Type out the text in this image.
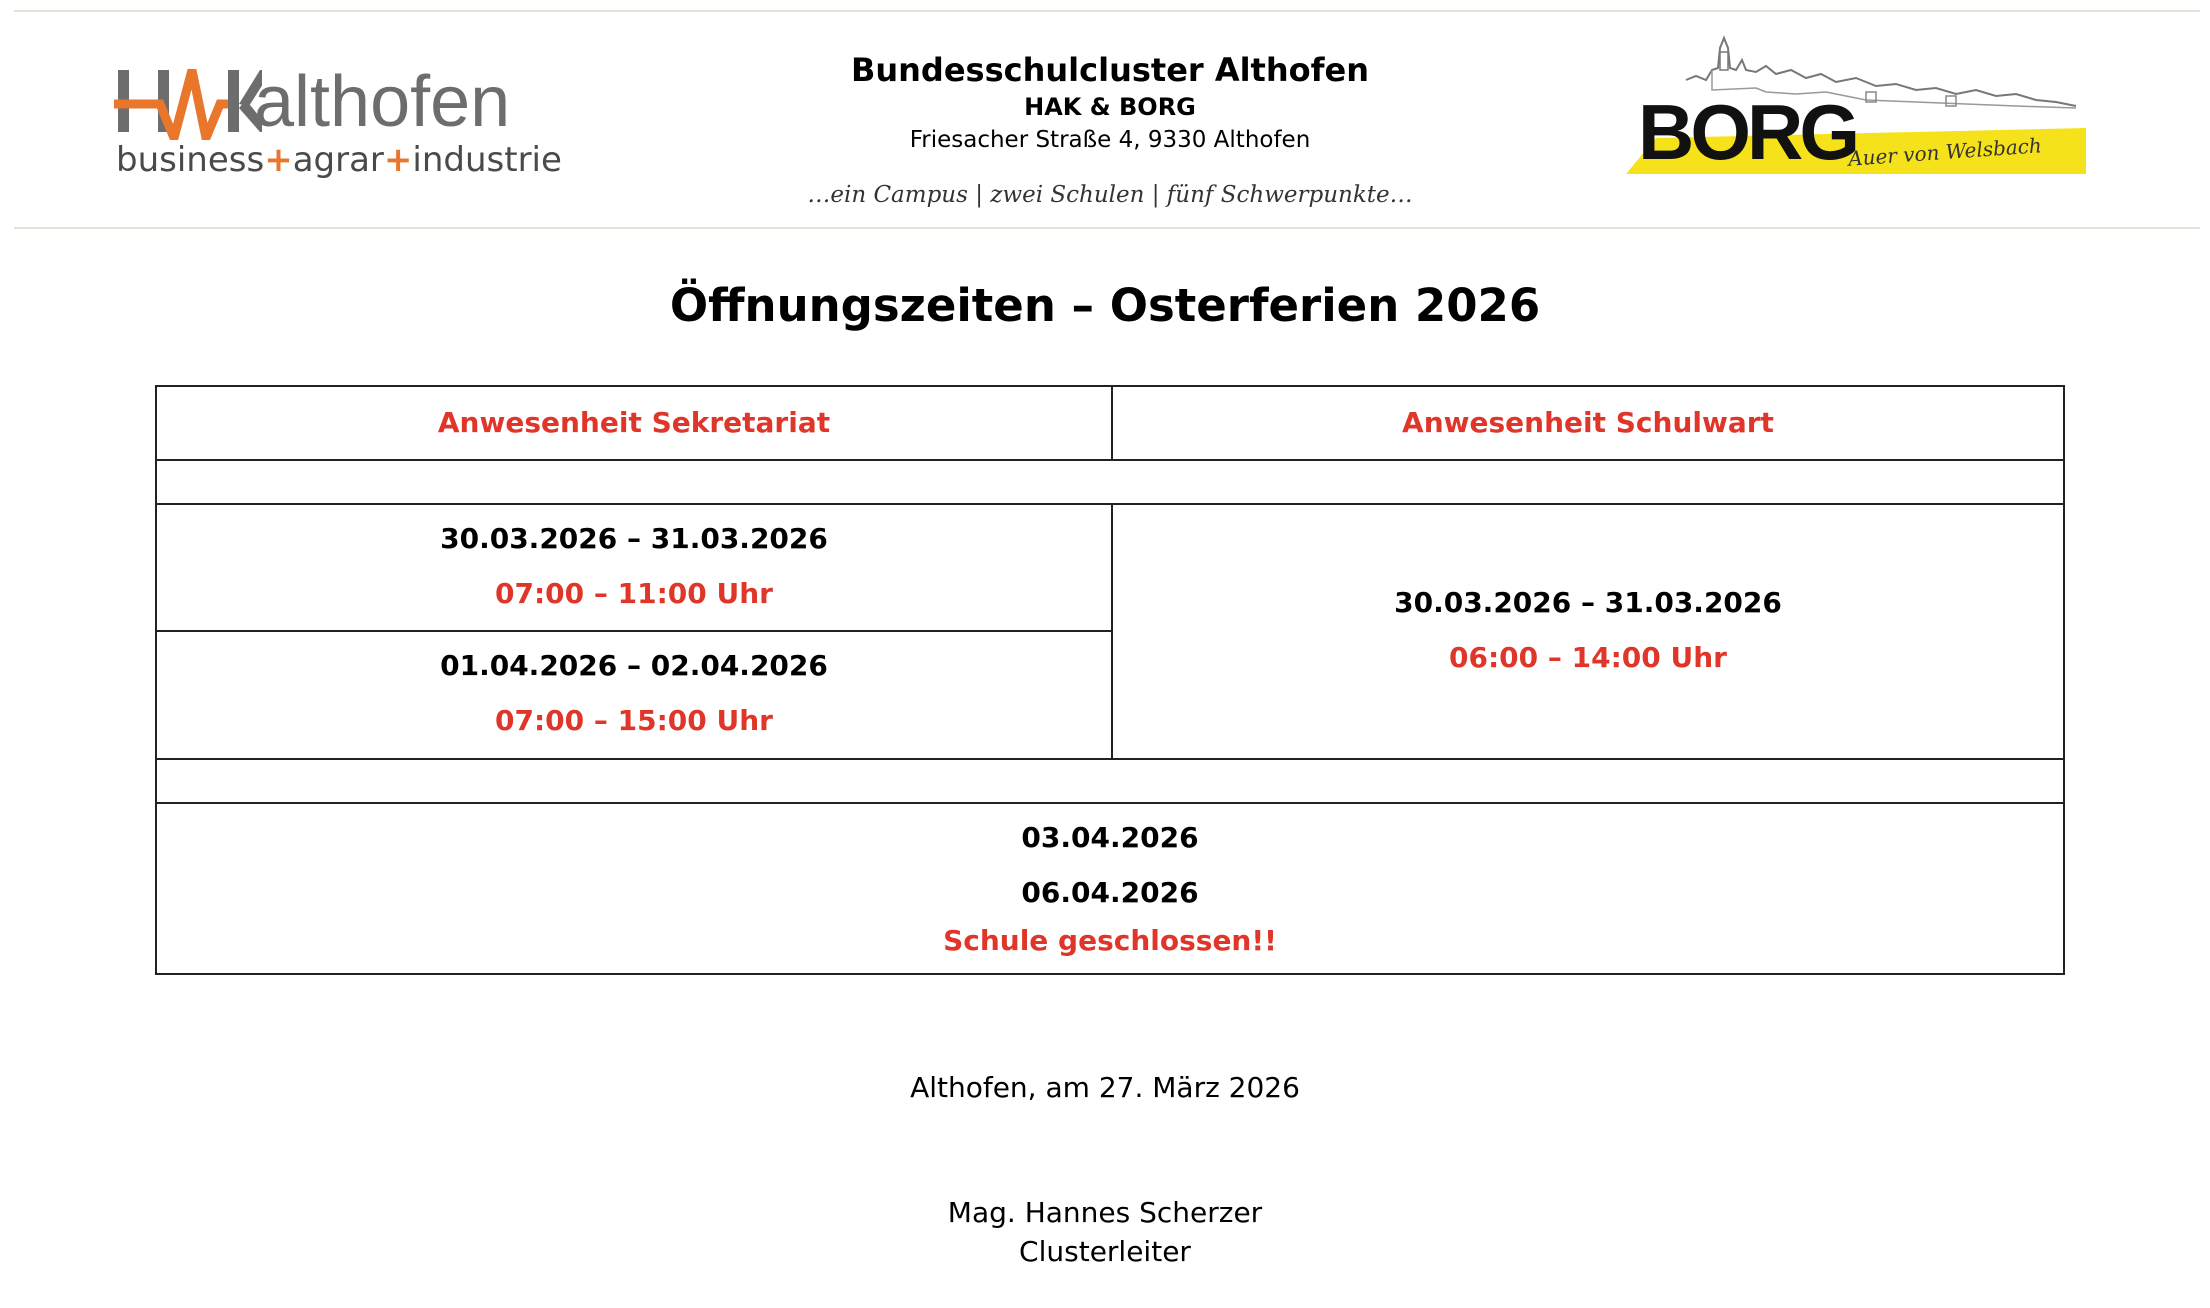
althofen
business+agrar+industrie
Bundesschulcluster Althofen
HAK & BORG
Friesacher Straße 4, 9330 Althofen
…ein Campus | zwei Schulen | fünf Schwerpunkte…
BORG
Auer von Welsbach
Öffnungszeiten – Osterferien 2026
Anwesenheit Sekretariat	Anwesenheit Schulwart
30.03.2026 – 31.03.2026
07:00 – 11:00 Uhr
01.04.2026 – 02.04.2026
07:00 – 15:00 Uhr
30.03.2026 – 31.03.2026
06:00 – 14:00 Uhr
03.04.2026
06.04.2026
Schule geschlossen!!
Althofen, am 27. März 2026
Mag. Hannes Scherzer
Clusterleiter
